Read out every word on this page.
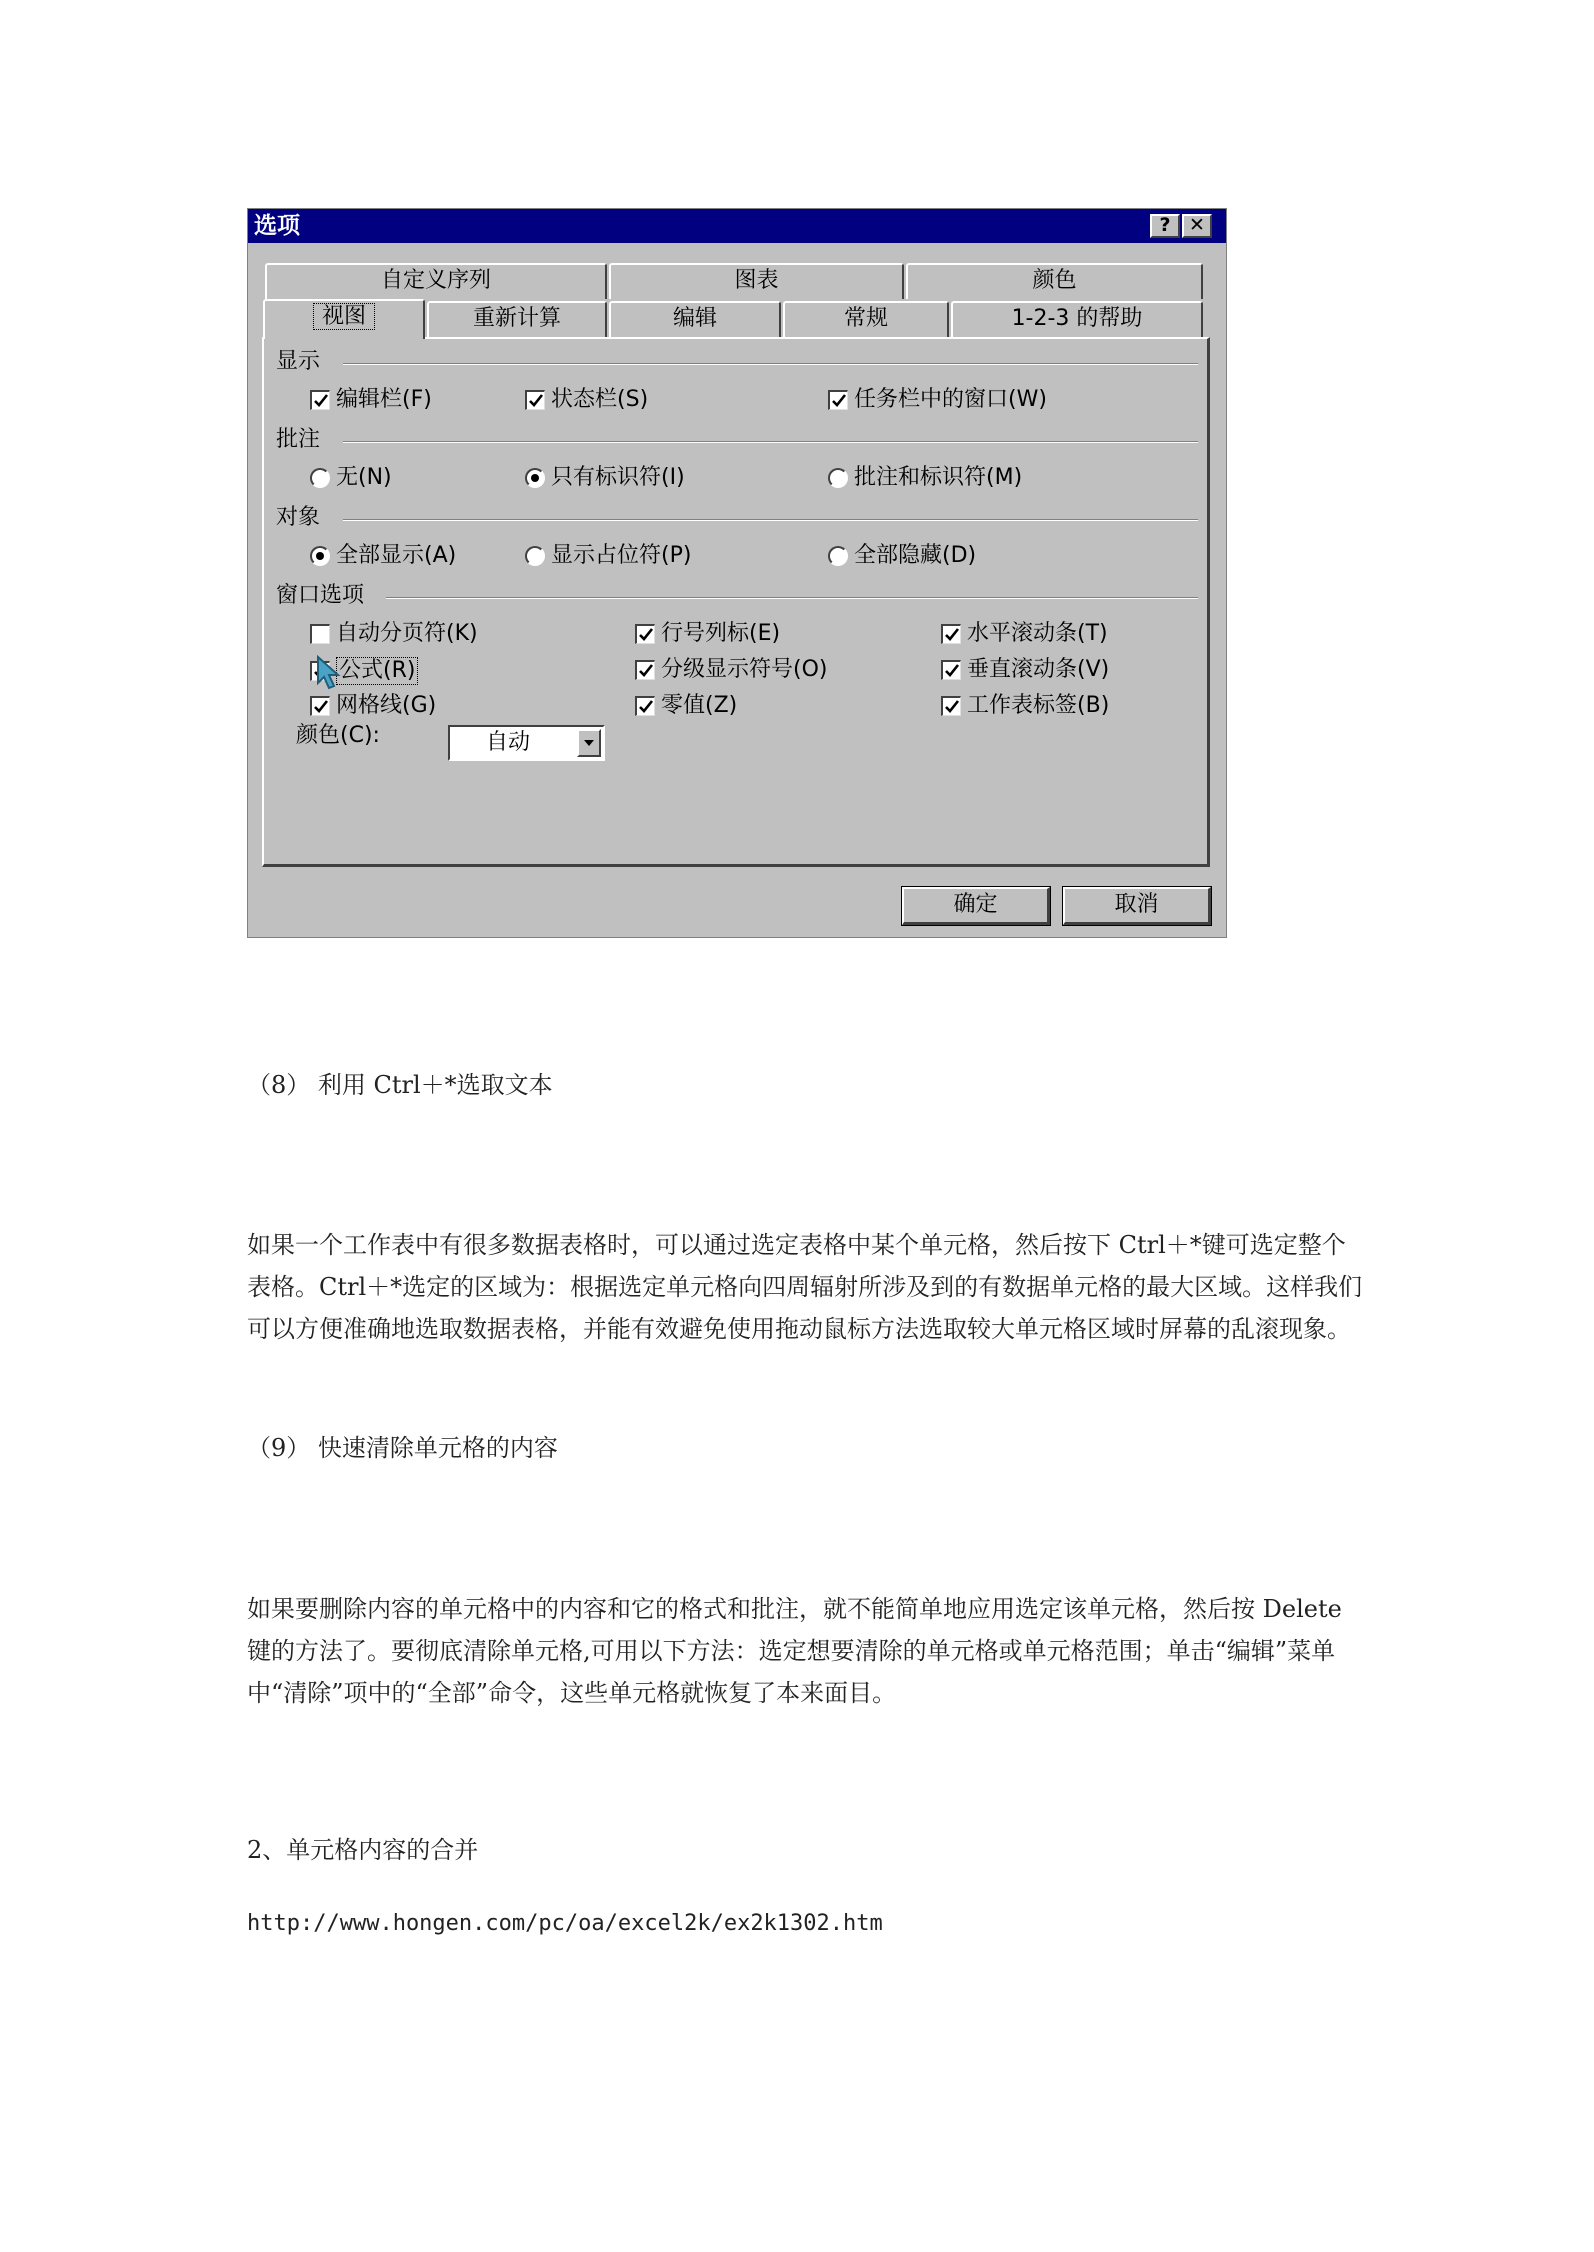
选项	? ✕
自定义序列	图表	颜色
视图	重新计算	编辑	常规	1-2-3 的帮助
显示
编辑栏 (F)	状态栏 (S)	任务栏中的窗口 (W)
批注
无 (N)	只有标识符 (I)	批注和标识符 (M)
对象
全部显示 (A)	显示占位符 (P)	全部隐藏 (D)
窗口选项
自动分页符 (K)	行号列标 (E)	水平滚动条 (T)
公式(R)	分级显示符号 (O)	垂直滚动条 (V)
网格线 (G)	零值 (Z)	工作表标签 (B)
颜色(C):	自动
确定	取消
（8） 利用 Ctrl＋*选取文本
如果一个工作表中有很多数据表格时，可以通过选定表格中某个单元格，然后按下 Ctrl＋*键可选定整个表格。Ctrl＋*选定的区域为：根据选定单元格向四周辐射所涉及到的有数据单元格的最大区域。这样我们可以方便准确地选取数据表格，并能有效避免使用拖动鼠标方法选取较大单元格区域时屏幕的乱滚现象。
（9） 快速清除单元格的内容
如果要删除内容的单元格中的内容和它的格式和批注，就不能简单地应用选定该单元格，然后按 Delete 键的方法了。要彻底清除单元格,可用以下方法：选定想要清除的单元格或单元格范围；单击“编辑”菜单中“清除”项中的“全部”命令，这些单元格就恢复了本来面目。
2、单元格内容的合并
http://www.hongen.com/pc/oa/excel2k/ex2k1302.htm
